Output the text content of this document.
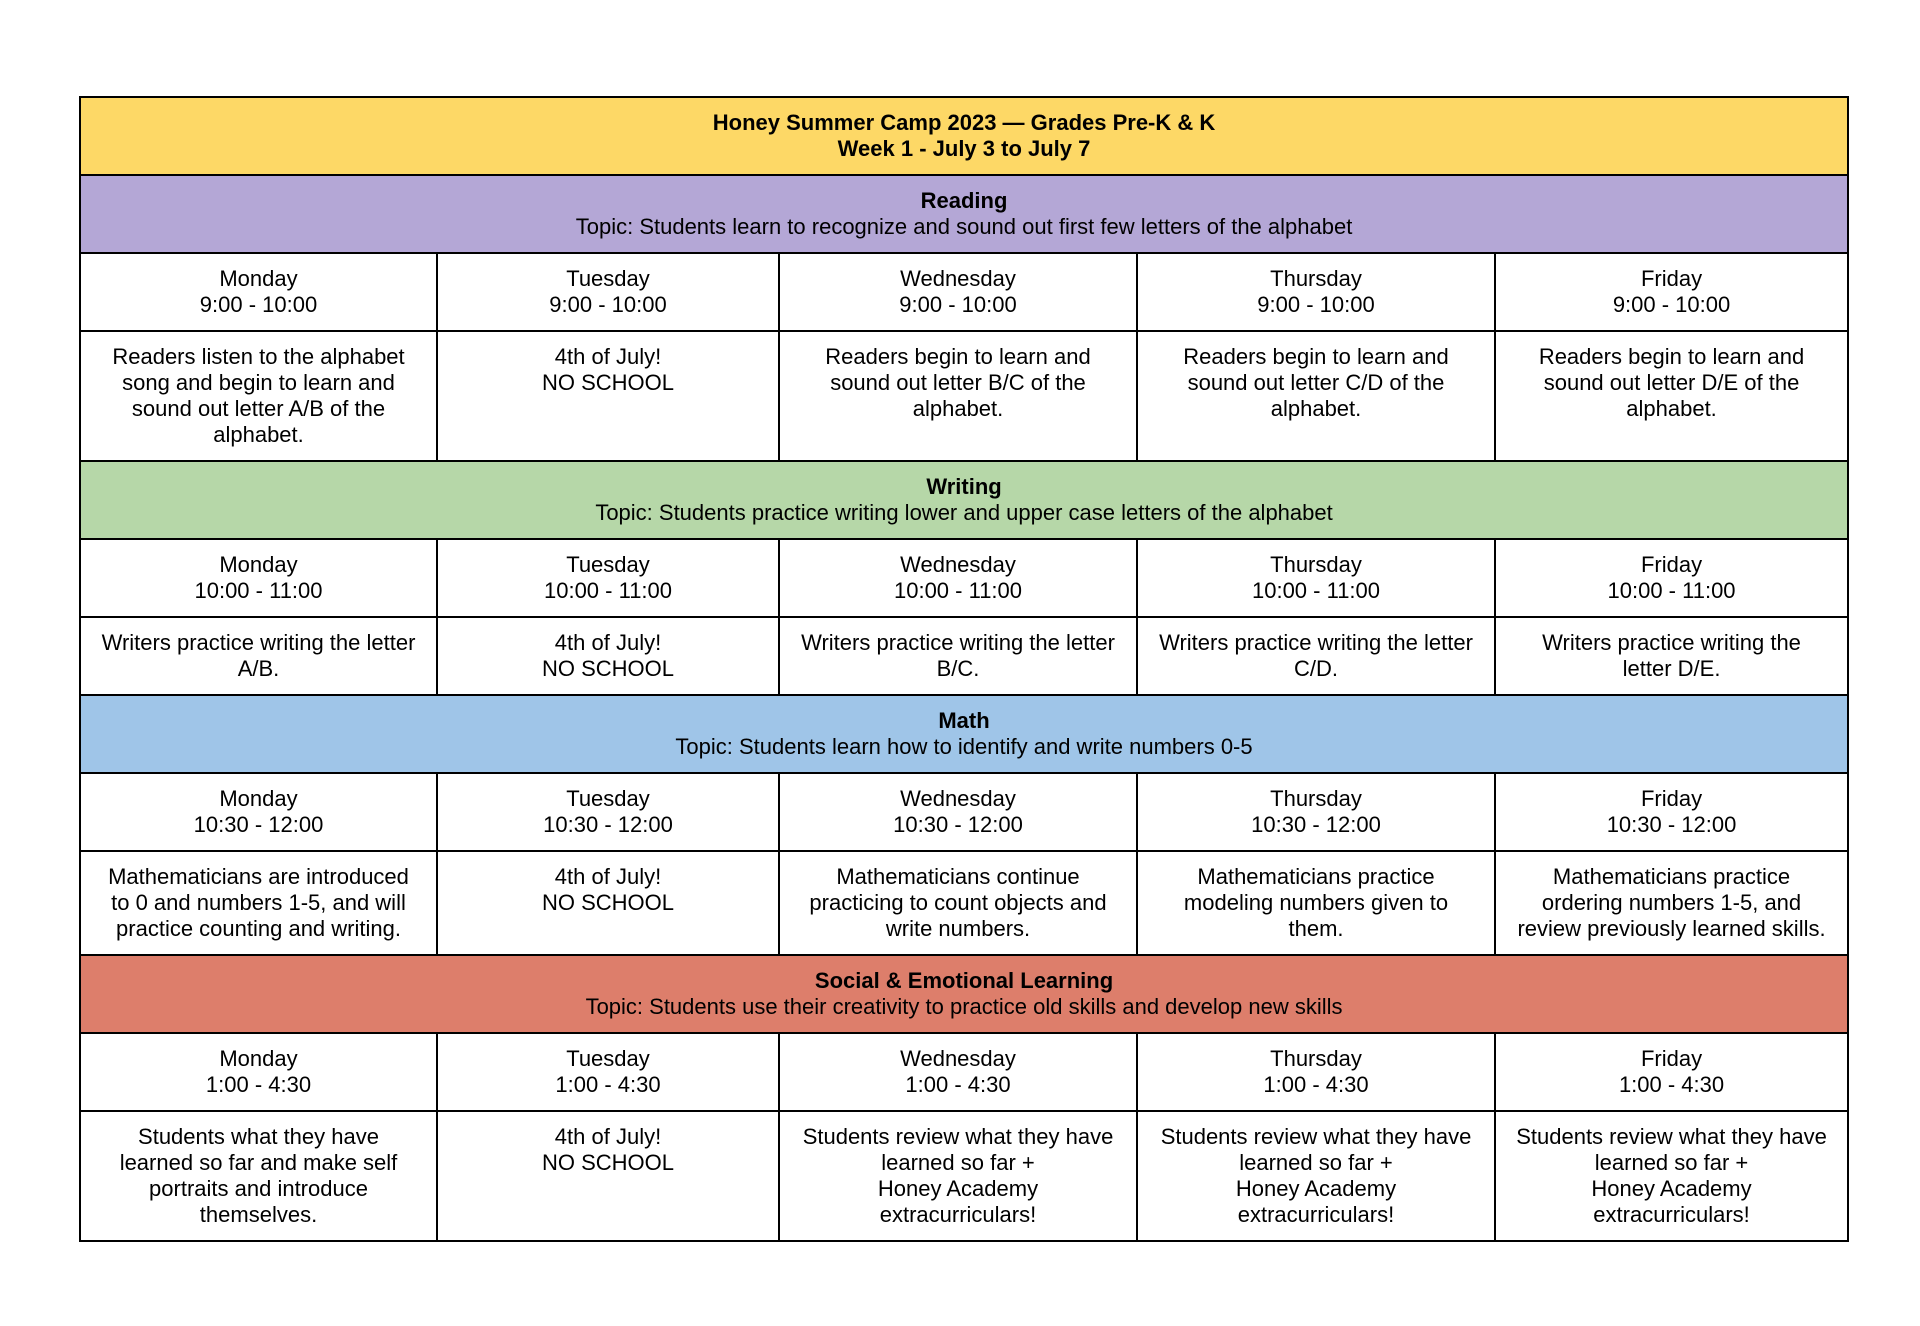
Honey Summer Camp 2023 — Grades Pre-K & K
Week 1 - July 3 to July 7				

Reading
Topic: Students learn to recognize and sound out first few letters of the alphabet				

Monday
9:00 - 10:00	Tuesday
9:00 - 10:00	Wednesday
9:00 - 10:00	Thursday
9:00 - 10:00	Friday
9:00 - 10:00

Readers listen to the alphabet
song and begin to learn and
sound out letter A/B of the
alphabet.	4th of July!
NO SCHOOL	Readers begin to learn and
sound out letter B/C of the
alphabet.	Readers begin to learn and
sound out letter C/D of the
alphabet.	Readers begin to learn and
sound out letter D/E of the
alphabet.

Writing
Topic: Students practice writing lower and upper case letters of the alphabet				

Monday
10:00 - 11:00	Tuesday
10:00 - 11:00	Wednesday
10:00 - 11:00	Thursday
10:00 - 11:00	Friday
10:00 - 11:00

Writers practice writing the letter
A/B.	4th of July!
NO SCHOOL	Writers practice writing the letter
B/C.	Writers practice writing the letter
C/D.	Writers practice writing the
letter D/E.

Math
Topic: Students learn how to identify and write numbers 0-5				

Monday
10:30 - 12:00	Tuesday
10:30 - 12:00	Wednesday
10:30 - 12:00	Thursday
10:30 - 12:00	Friday
10:30 - 12:00

Mathematicians are introduced
to 0 and numbers 1-5, and will
practice counting and writing.	4th of July!
NO SCHOOL	Mathematicians continue
practicing to count objects and
write numbers.	Mathematicians practice
modeling numbers given to
them.	Mathematicians practice
ordering numbers 1-5, and
review previously learned skills.

Social & Emotional Learning
Topic: Students use their creativity to practice old skills and develop new skills				

Monday
1:00 - 4:30	Tuesday
1:00 - 4:30	Wednesday
1:00 - 4:30	Thursday
1:00 - 4:30	Friday
1:00 - 4:30

Students what they have
learned so far and make self
portraits and introduce
themselves.	4th of July!
NO SCHOOL	Students review what they have
learned so far +
Honey Academy
extracurriculars!	Students review what they have
learned so far +
Honey Academy
extracurriculars!	Students review what they have
learned so far +
Honey Academy
extracurriculars!
